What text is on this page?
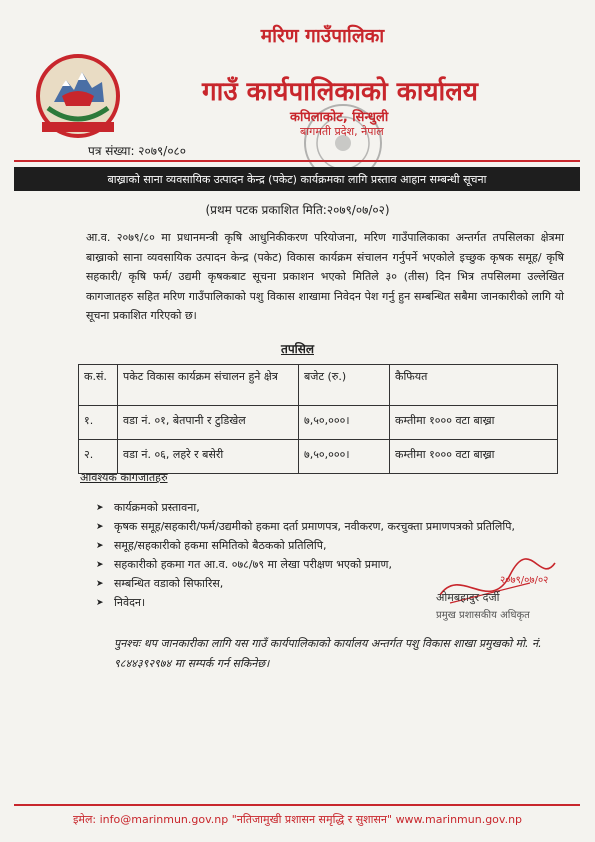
मरिण गाउँपालिका
गाउँ कार्यपालिकाको कार्यालय
कपिलाकोट, सिन्धुली
बागमती प्रदेश, नेपाल
पत्र संख्या: २०७९/०८०
बाख्राको साना व्यवसायिक उत्पादन केन्द्र (पकेट) कार्यक्रमका लागि प्रस्ताव आहान सम्बन्धी सूचना
(प्रथम पटक प्रकाशित मिति:२०७९/०७/०२)
आ.व. २०७९/८० मा प्रधानमन्त्री कृषि आधुनिकीकरण परियोजना, मरिण गाउँपालिकाका अन्तर्गत तपसिलका क्षेत्रमा बाख्राको साना व्यवसायिक उत्पादन केन्द्र (पकेट) विकास कार्यक्रम संचालन गर्नुपर्ने भएकोले इच्छुक कृषक समूह/ कृषि सहकारी/ कृषि फर्म/ उद्यमी कृषकबाट सूचना प्रकाशन भएको मितिले ३० (तीस) दिन भित्र तपसिलमा उल्लेखित कागजातहरु सहित मरिण गाउँपालिकाको पशु विकास शाखामा निवेदन पेश गर्नु हुन सम्बन्धित सबैमा जानकारीको लागि यो सूचना प्रकाशित गरिएको छ।
तपसिल
क.सं.	पकेट विकास कार्यक्रम संचालन हुने क्षेत्र	बजेट (रु.)	कैफियत
१.	वडा नं. ०१, बेतपानी र टुडिखेल	७,५०,०००।	कम्तीमा १००० वटा बाख्रा
२.	वडा नं. ०६, लहरे र बसेरी	७,५०,०००।	कम्तीमा १००० वटा बाख्रा
आवश्यक कागजातहरु
➤ कार्यक्रमको प्रस्तावना,
➤ कृषक समूह/सहकारी/फर्म/उद्यमीको हकमा दर्ता प्रमाणपत्र, नवीकरण, करचुक्ता प्रमाणपत्रको प्रतिलिपि,
➤ समूह/सहकारीको हकमा समितिको बैठकको प्रतिलिपि,
➤ सहकारीको हकमा गत आ.व. ०७८/७९ मा लेखा परीक्षण भएको प्रमाण,
➤ सम्बन्धित वडाको सिफारिस,
➤ निवेदन।
२०७९/०७/०२
ओमबहादुर दर्जी
प्रमुख प्रशासकीय अधिकृत
पुनश्चः थप जानकारीका लागि यस गाउँ कार्यपालिकाको कार्यालय अन्तर्गत पशु विकास शाखा प्रमुखको मो. नं. ९८४४३९२९७४ मा सम्पर्क गर्न सकिनेछ।
इमेल: info@marinmun.gov.np "नतिजामुखी प्रशासन समृद्धि र सुशासन" www.marinmun.gov.np
